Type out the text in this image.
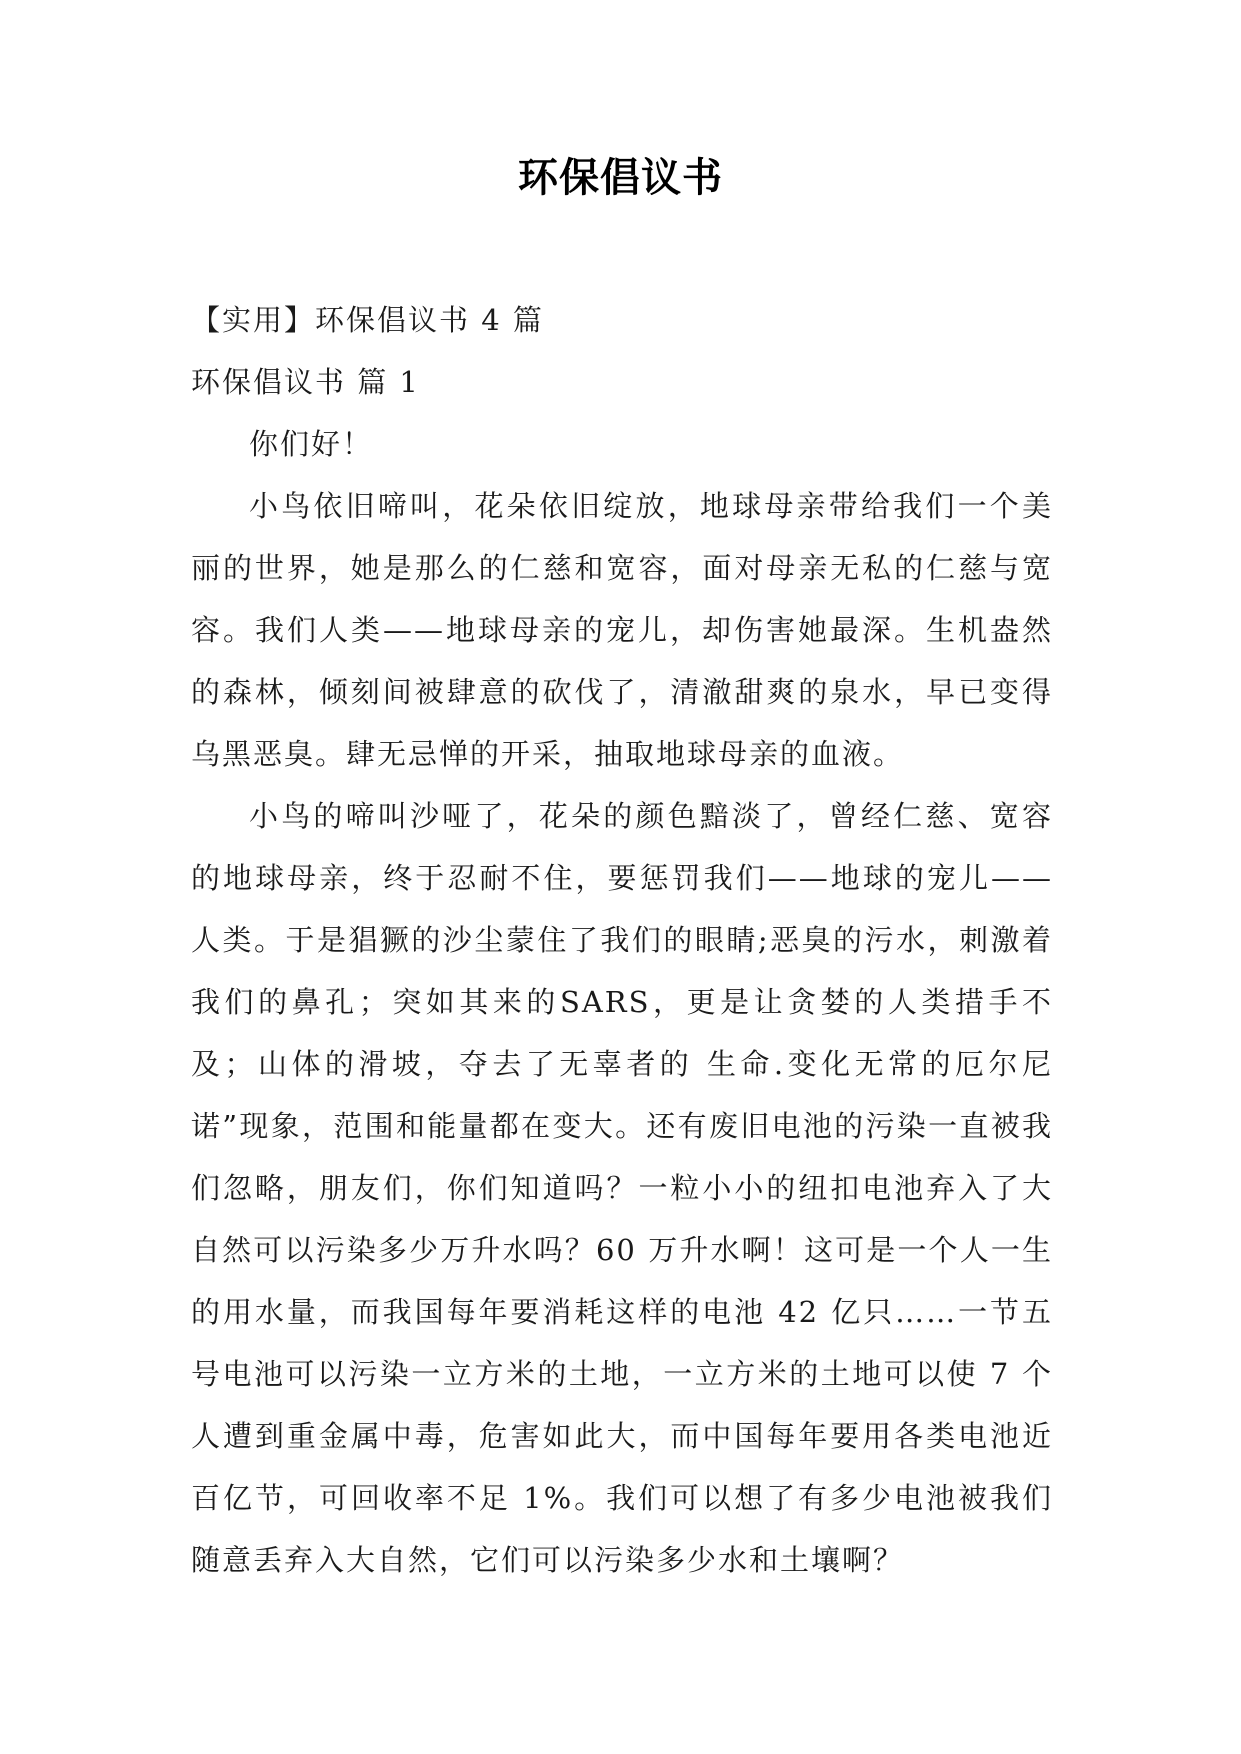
环保倡议书
【实用】环保倡议书 4 篇
环保倡议书 篇 1
你们好！

小鸟依旧啼叫，花朵依旧绽放，地球母亲带给我们一个美丽的世界，她是那么的仁慈和宽容，面对母亲无私的仁慈与宽容。我们人类——地球母亲的宠儿，却伤害她最深。生机盎然的森林，倾刻间被肆意的砍伐了，清澈甜爽的泉水，早已变得乌黑恶臭。肆无忌惮的开采，抽取地球母亲的血液。

小鸟的啼叫沙哑了，花朵的颜色黯淡了，曾经仁慈、宽容的地球母亲，终于忍耐不住，要惩罚我们——地球的宠儿——人类。于是猖獗的沙尘蒙住了我们的眼睛;恶臭的污水，刺激着我们的鼻孔；突如其来的SARS，更是让贪婪的人类措手不及；山体的滑坡，夺去了无辜者的 生命.变化无常的厄尔尼诺”现象，范围和能量都在变大。还有废旧电池的污染一直被我们忽略，朋友们，你们知道吗？一粒小小的纽扣电池弃入了大自然可以污染多少万升水吗？60 万升水啊！这可是一个人一生的用水量，而我国每年要消耗这样的电池 42 亿只……一节五号电池可以污染一立方米的土地，一立方米的土地可以使 7 个人遭到重金属中毒，危害如此大，而中国每年要用各类电池近百亿节，可回收率不足 1%。我们可以想了有多少电池被我们随意丢弃入大自然，它们可以污染多少水和土壤啊？
